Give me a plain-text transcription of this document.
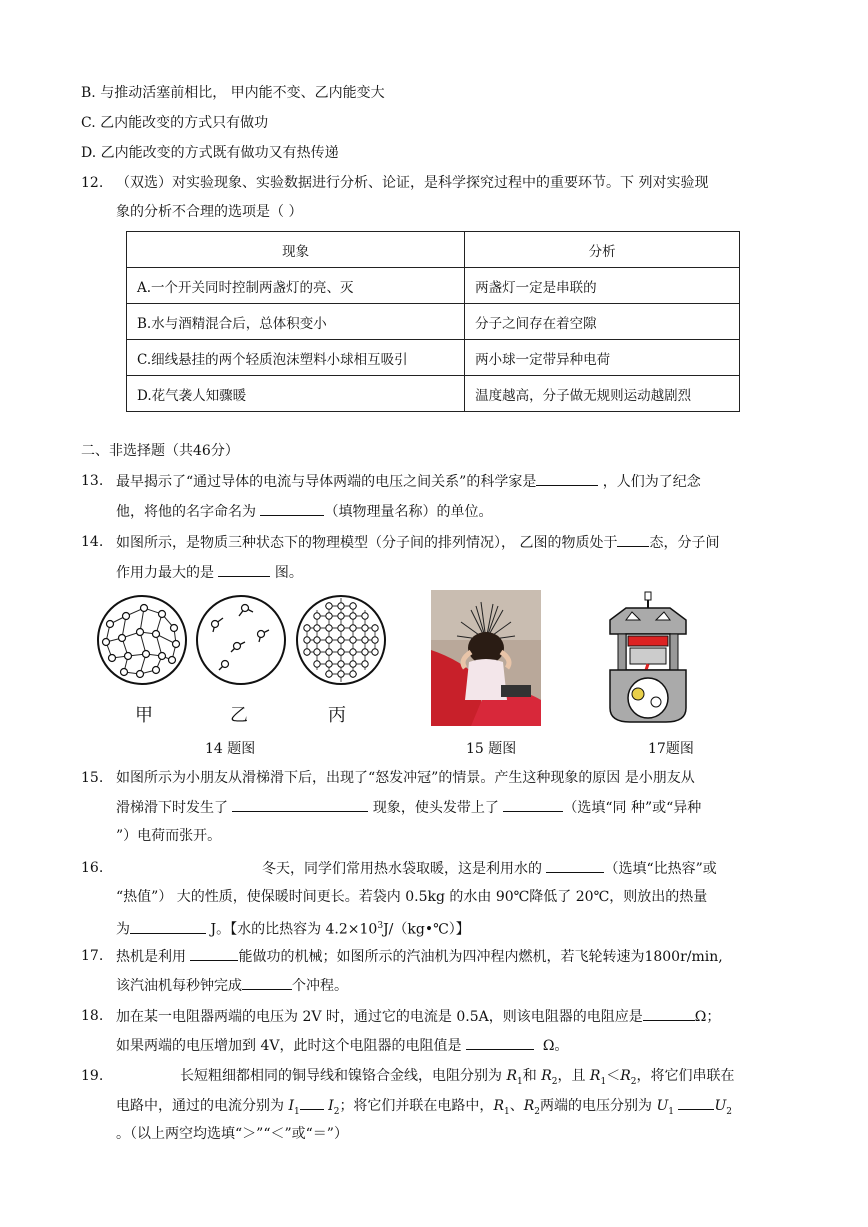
B. 与推动活塞前相比， 甲内能不变、乙内能变大
C. 乙内能改变的方式只有做功
D. 乙内能改变的方式既有做功又有热传递
12. （双选）对实验现象、实验数据进行分析、论证，是科学探究过程中的重要环节。下 列对实验现
象的分析不合理的选项是（ ）
现象	分析
A.一个开关同时控制两盏灯的亮、灭	两盏灯一定是串联的
B.水与酒精混合后，总体积变小	分子之间存在着空隙
C.细线悬挂的两个轻质泡沫塑料小球相互吸引	两小球一定带异种电荷
D.花气袭人知骤暖	温度越高，分子做无规则运动越剧烈
二、非选择题（共46分）
13. 最早揭示了“通过导体的电流与导体两端的电压之间关系”的科学家是	，人们为了纪念
他，将他的名字命名为	（填物理量名称）的单位。
14. 如图所示，是物质三种状态下的物理模型（分子间的排列情况）， 乙图的物质处于 态，分子间
作用力最大的是	图。
甲	乙	丙
14 题图	15 题图	17题图
15. 如图所示为小朋友从滑梯滑下后，出现了“怒发冲冠”的情景。产生这种现象的原因 是小朋友从
滑梯滑下时发生了	现象，使头发带上了	（选填“同 种”或“异种
”）电荷而张开。
16.	冬天，同学们常用热水袋取暖，这是利用水的	（选填“比热容”或
“热值”） 大的性质，使保暖时间更长。若袋内 0.5kg 的水由 90℃降低了 20℃，则放出的热量
为	J。【水的比热容为 $4.2\times 10^3J/(kg•℃)$】
17. 热机是利用	能做功的机械；如图所示的汽油机为四冲程内燃机，若飞轮转速为1800r/min,
该汽油机每秒钟完成	个冲程。
18. 加在某一电阻器两端的电压为 2V 时，通过它的电流是 0.5A，则该电阻器的电阻应是	Ω；
如果两端的电压增加到 4V，此时这个电阻器的电阻值是	Ω。
19.	长短粗细都相同的铜导线和镍铬合金线，电阻分别为 $R_1$和 $R_2$，且 $R_1<R_2$，将它们串联在
电路中，通过的电流分别为 $I_1$ $I_2$；将它们并联在电路中，$R_1$、$R_2$两端的电压分别为 $U_1$	$U_2$
。（以上两空均选填“＞”“＜”或“＝”）
